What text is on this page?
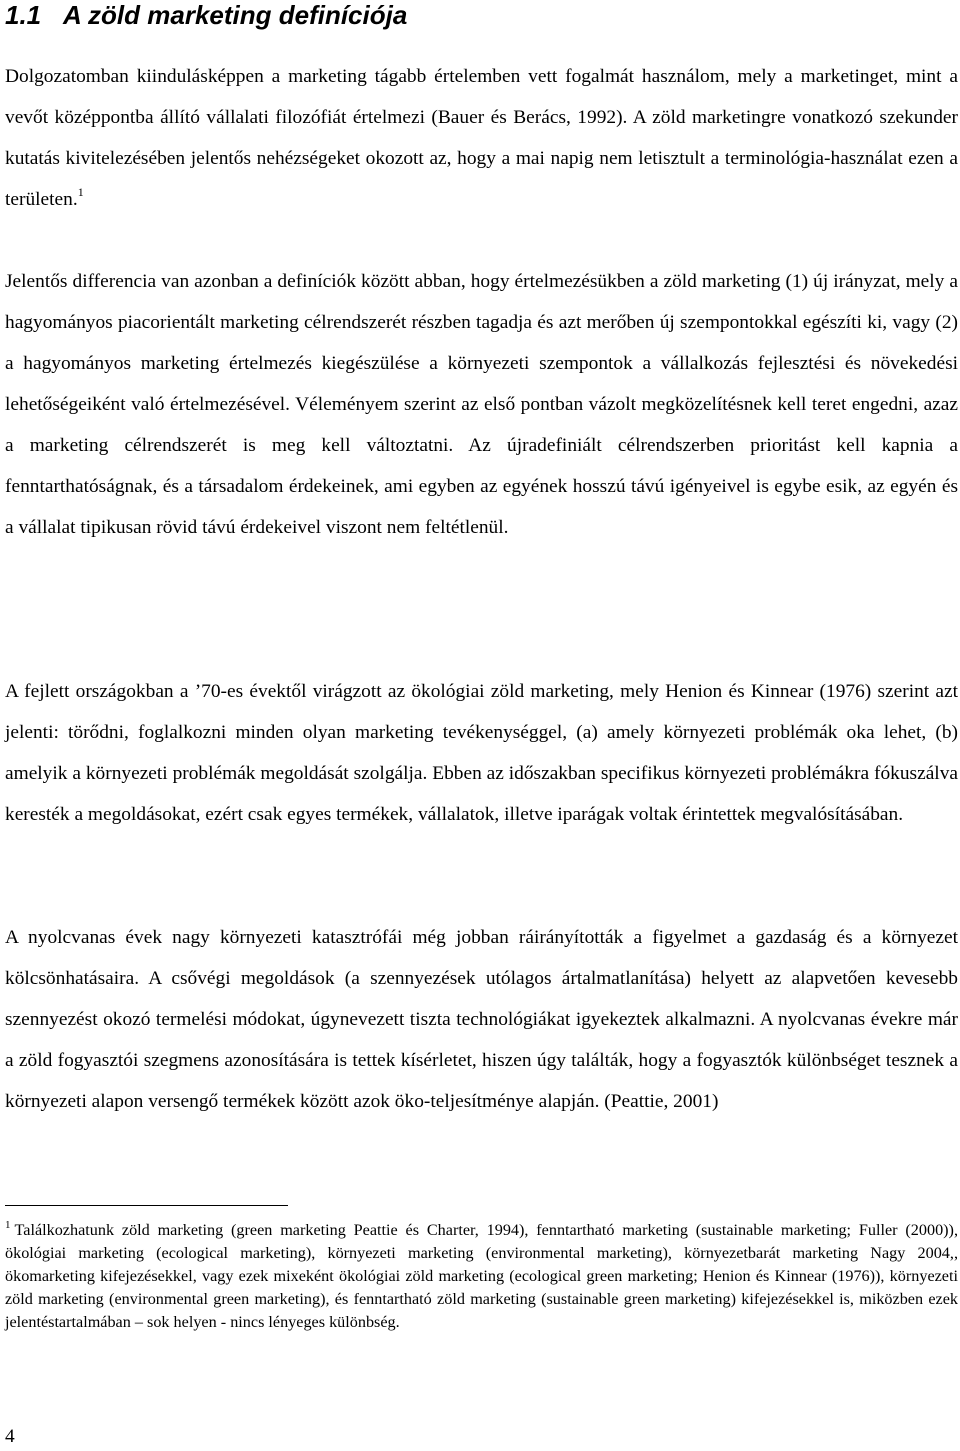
1.1 A zöld marketing definíciója

Dolgozatomban kiindulásképpen a marketing tágabb értelemben vett fogalmát használom, mely a marketinget, mint a vevőt középpontba állító vállalati filozófiát értelmezi (Bauer és Berács, 1992). A zöld marketingre vonatkozó szekunder kutatás kivitelezésében jelentős nehézségeket okozott az, hogy a mai napig nem letisztult a terminológia-használat ezen a területen.$^1$

Jelentős differencia van azonban a definíciók között abban, hogy értelmezésükben a zöld marketing (1) új irányzat, mely a hagyományos piacorientált marketing célrendszerét részben tagadja és azt merőben új szempontokkal egészíti ki, vagy (2) a hagyományos marketing értelmezés kiegészülése a környezeti szempontok a vállalkozás fejlesztési és növekedési lehetőségeiként való értelmezésével. Véleményem szerint az első pontban vázolt megközelítésnek kell teret engedni, azaz a marketing célrendszerét is meg kell változtatni. Az újradefiniált célrendszerben prioritást kell kapnia a fenntarthatóságnak, és a társadalom érdekeinek, ami egyben az egyének hosszú távú igényeivel is egybe esik, az egyén és a vállalat tipikusan rövid távú érdekeivel viszont nem feltétlenül.

A fejlett országokban a ’70-es évektől virágzott az ökológiai zöld marketing, mely Henion és Kinnear (1976) szerint azt jelenti: törődni, foglalkozni minden olyan marketing tevékenységgel, (a) amely környezeti problémák oka lehet, (b) amelyik a környezeti problémák megoldását szolgálja. Ebben az időszakban specifikus környezeti problémákra fókuszálva keresték a megoldásokat, ezért csak egyes termékek, vállalatok, illetve iparágak voltak érintettek megvalósításában.

A nyolcvanas évek nagy környezeti katasztrófái még jobban ráirányították a figyelmet a gazdaság és a környezet kölcsönhatásaira. A csővégi megoldások (a szennyezések utólagos ártalmatlanítása) helyett az alapvetően kevesebb szennyezést okozó termelési módokat, úgynevezett tiszta technológiákat igyekeztek alkalmazni. A nyolcvanas évekre már a zöld fogyasztói szegmens azonosítására is tettek kísérletet, hiszen úgy találták, hogy a fogyasztók különbséget tesznek a környezeti alapon versengő termékek között azok öko-teljesítménye alapján. (Peattie, 2001)

$^1$ Találkozhatunk zöld marketing (green marketing Peattie és Charter, 1994), fenntartható marketing (sustainable marketing; Fuller (2000)), ökológiai marketing (ecological marketing), környezeti marketing (environmental marketing), környezetbarát marketing Nagy 2004,, ökomarketing kifejezésekkel, vagy ezek mixeként ökológiai zöld marketing (ecological green marketing; Henion és Kinnear (1976)), környezeti zöld marketing (environmental green marketing), és fenntartható zöld marketing (sustainable green marketing) kifejezésekkel is, miközben ezek jelentéstartalmában – sok helyen - nincs lényeges különbség.

4
